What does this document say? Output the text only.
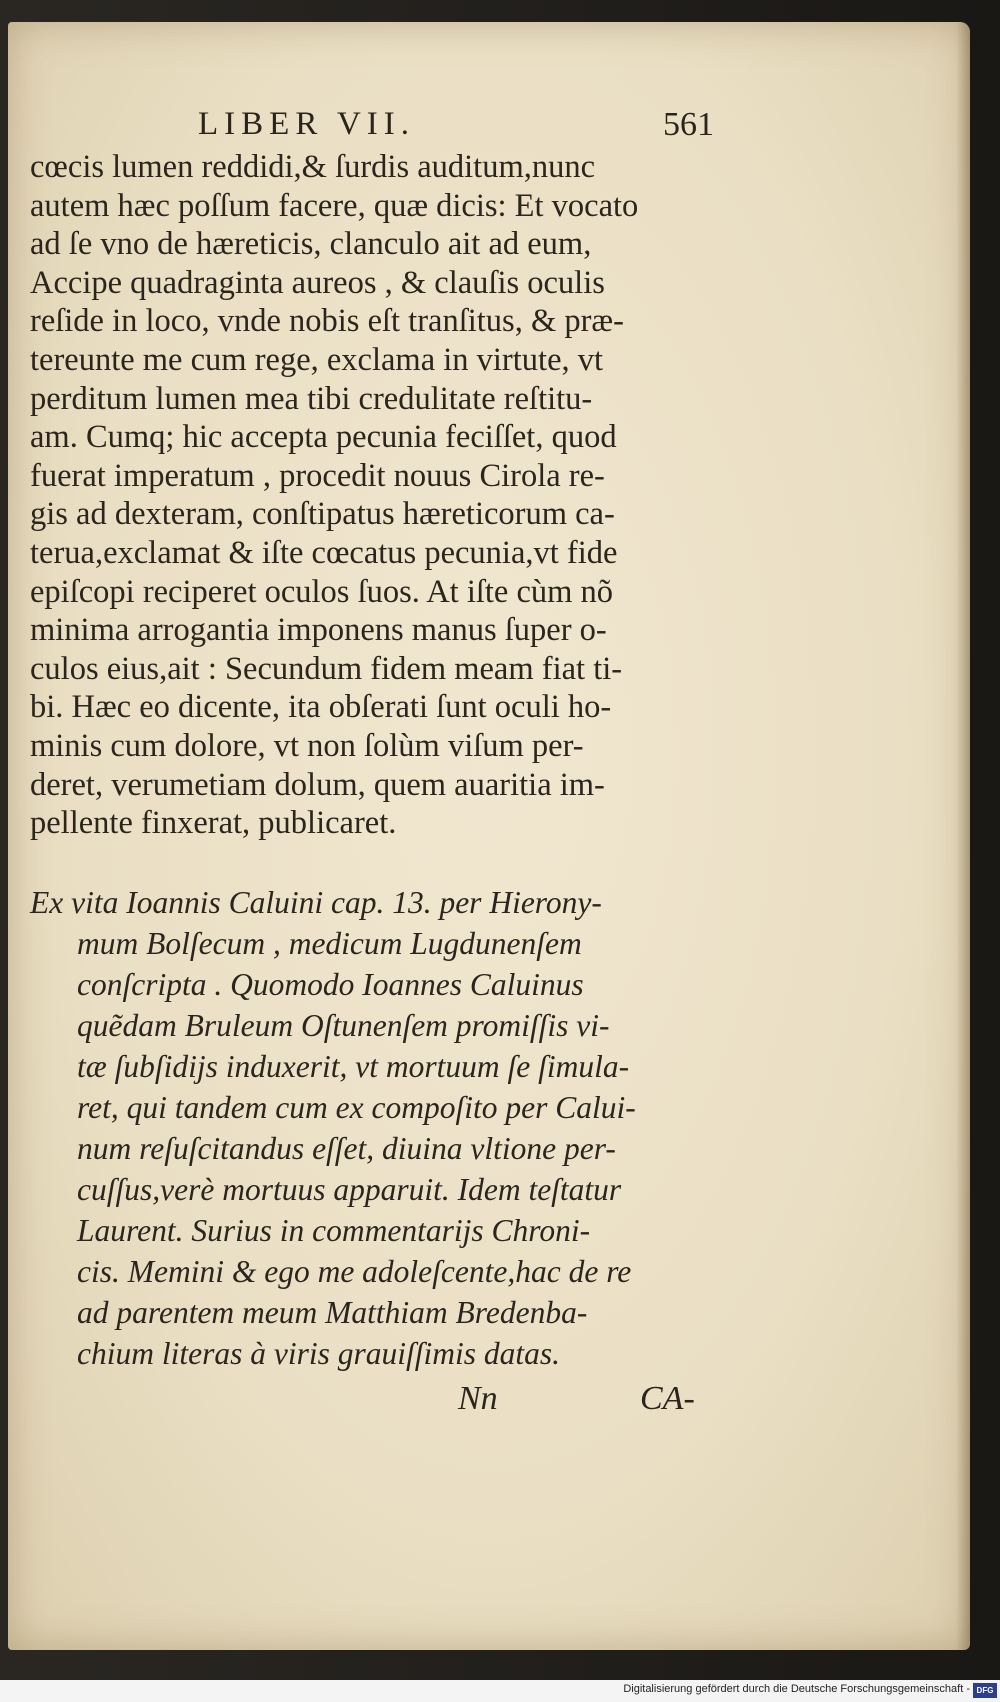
LIBER VII.	561
cœcis lumen reddidi,& ſurdis auditum,nunc
autem hæc poſſum facere, quæ dicis: Et vocato
ad ſe vno de hæreticis, clanculo ait ad eum,
Accipe quadraginta aureos , & clauſis oculis
reſide in loco, vnde nobis eſt tranſitus, & præ-
tereunte me cum rege, exclama in virtute, vt
perditum lumen mea tibi credulitate reſtitu-
am. Cumq; hic accepta pecunia feciſſet, quod
fuerat imperatum , procedit nouus Cirola re-
gis ad dexteram, conſtipatus hæreticorum ca-
terua,exclamat & iſte cœcatus pecunia,vt fide
epiſcopi reciperet oculos ſuos. At iſte cùm nõ
minima arrogantia imponens manus ſuper o-
culos eius,ait : Secundum fidem meam fiat ti-
bi. Hæc eo dicente, ita obſerati ſunt oculi ho-
minis cum dolore, vt non ſolùm viſum per-
deret, verumetiam dolum, quem auaritia im-
pellente finxerat, publicaret.
Ex vita Ioannis Caluini cap. 13. per Hierony-
mum Bolſecum , medicum Lugdunenſem
conſcripta . Quomodo Ioannes Caluinus
quẽdam Bruleum Oſtunenſem promiſſis vi-
tæ ſubſidijs induxerit, vt mortuum ſe ſimula-
ret, qui tandem cum ex compoſito per Calui-
num reſuſcitandus eſſet, diuina vltione per-
cuſſus,verè mortuus apparuit. Idem teſtatur
Laurent. Surius in commentarijs Chroni-
cis. Memini & ego me adoleſcente,hac de re
ad parentem meum Matthiam Bredenba-
chium literas à viris grauiſſimis datas.
Nn	CA-
Digitalisierung gefördert durch die Deutsche Forschungsgemeinschaft - DFG
